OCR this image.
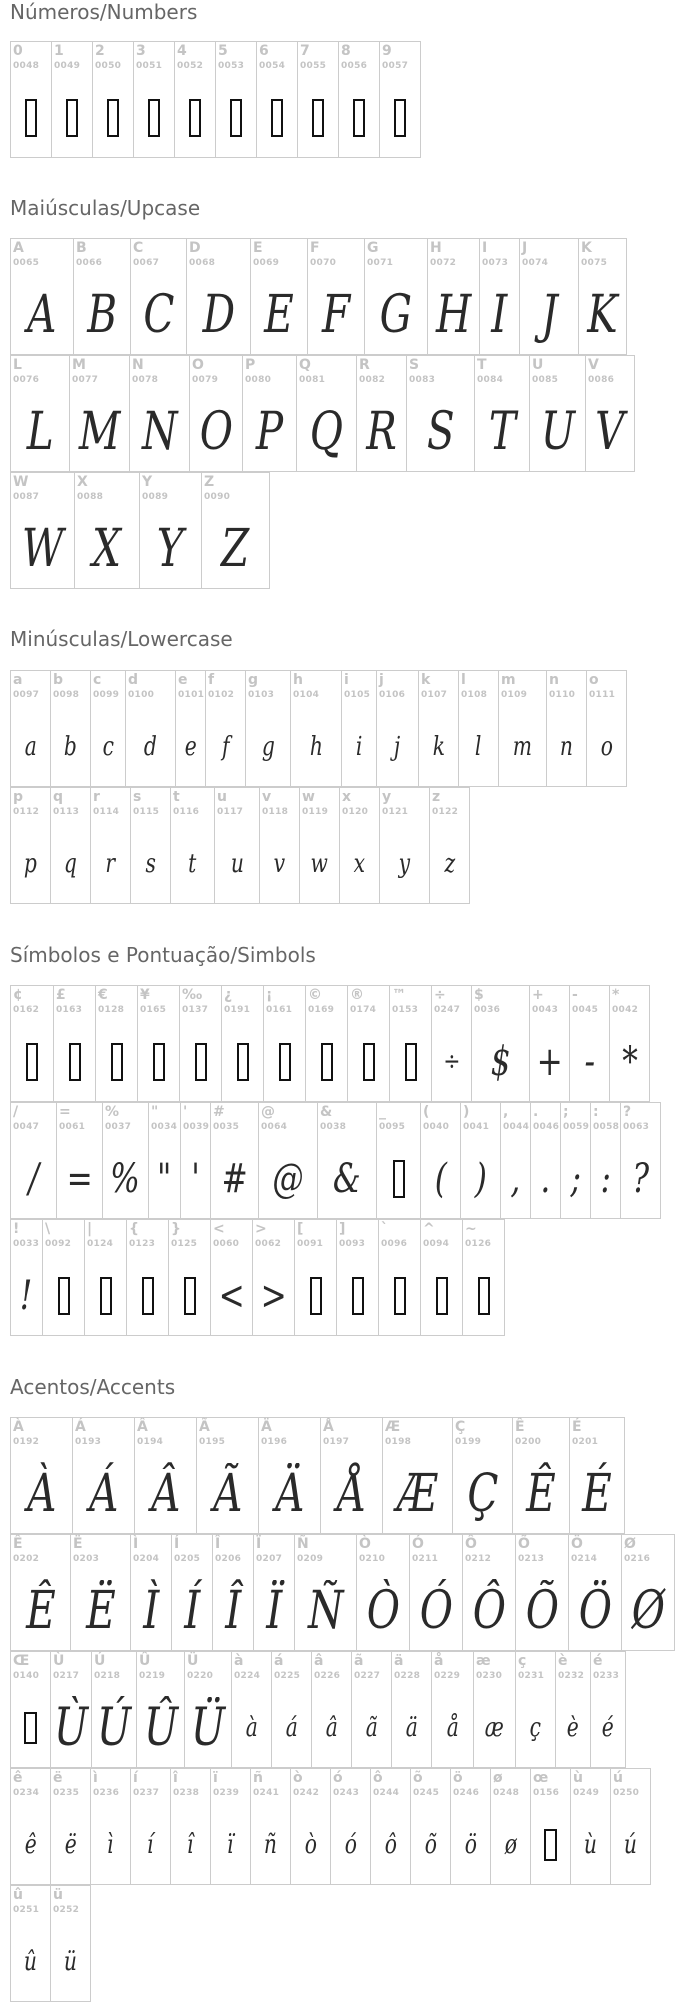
Números/Numbers
0
0048
1
0049
2
0050
3
0051
4
0052
5
0053
6
0054
7
0055
8
0056
9
0057
Maiúsculas/Upcase
A
0065
A
B
0066
B
C
0067
C
D
0068
D
E
0069
E
F
0070
F
G
0071
G
H
0072
H
I
0073
I
J
0074
J
K
0075
K
L
0076
L
M
0077
M
N
0078
N
O
0079
O
P
0080
P
Q
0081
Q
R
0082
R
S
0083
S
T
0084
T
U
0085
U
V
0086
V
W
0087
W
X
0088
X
Y
0089
Y
Z
0090
Z
Minúsculas/Lowercase
a
0097
a
b
0098
b
c
0099
c
d
0100
d
e
0101
e
f
0102
f
g
0103
g
h
0104
h
i
0105
i
j
0106
j
k
0107
k
l
0108
l
m
0109
m
n
0110
n
o
0111
o
p
0112
p
q
0113
q
r
0114
r
s
0115
s
t
0116
t
u
0117
u
v
0118
v
w
0119
w
x
0120
x
y
0121
y
z
0122
z
Símbolos e Pontuação/Simbols
¢
0162
£
0163
€
0128
¥
0165
‰
0137
¿
0191
¡
0161
©
0169
®
0174
™
0153
÷
0247
÷
$
0036
$
+
0043
+
-
0045
-
*
0042
*
/
0047
/
=
0061
=
%
0037
%
"
0034
"
'
0039
'
#
0035
#
@
0064
@
&
0038
&
_
0095
(
0040
(
)
0041
)
,
0044
,
.
0046
.
;
0059
;
:
0058
:
?
0063
?
!
0033
!
\
0092
|
0124
{
0123
}
0125
<
0060
<
>
0062
>
[
0091
]
0093
`
0096
^
0094
~
0126
Acentos/Accents
À
0192
À
Á
0193
Á
Â
0194
Â
Ã
0195
Ã
Ä
0196
Ä
Å
0197
Å
Æ
0198
Æ
Ç
0199
Ç
Ê
0200
Ê
É
0201
É
Ê
0202
Ê
Ë
0203
Ë
Ì
0204
Ì
Í
0205
Í
Î
0206
Î
Ï
0207
Ï
Ñ
0209
Ñ
Ò
0210
Ò
Ó
0211
Ó
Ô
0212
Ô
Õ
0213
Õ
Ö
0214
Ö
Ø
0216
Ø
Œ
0140
Ù
0217
Ù
Ú
0218
Ú
Û
0219
Û
Ü
0220
Ü
à
0224
à
á
0225
á
â
0226
â
ã
0227
ã
ä
0228
ä
å
0229
å
æ
0230
æ
ç
0231
ç
è
0232
è
é
0233
é
ê
0234
ê
ë
0235
ë
ì
0236
ì
í
0237
í
î
0238
î
ï
0239
ï
ñ
0241
ñ
ò
0242
ò
ó
0243
ó
ô
0244
ô
õ
0245
õ
ö
0246
ö
ø
0248
ø
œ
0156
ù
0249
ù
ú
0250
ú
û
0251
û
ü
0252
ü
